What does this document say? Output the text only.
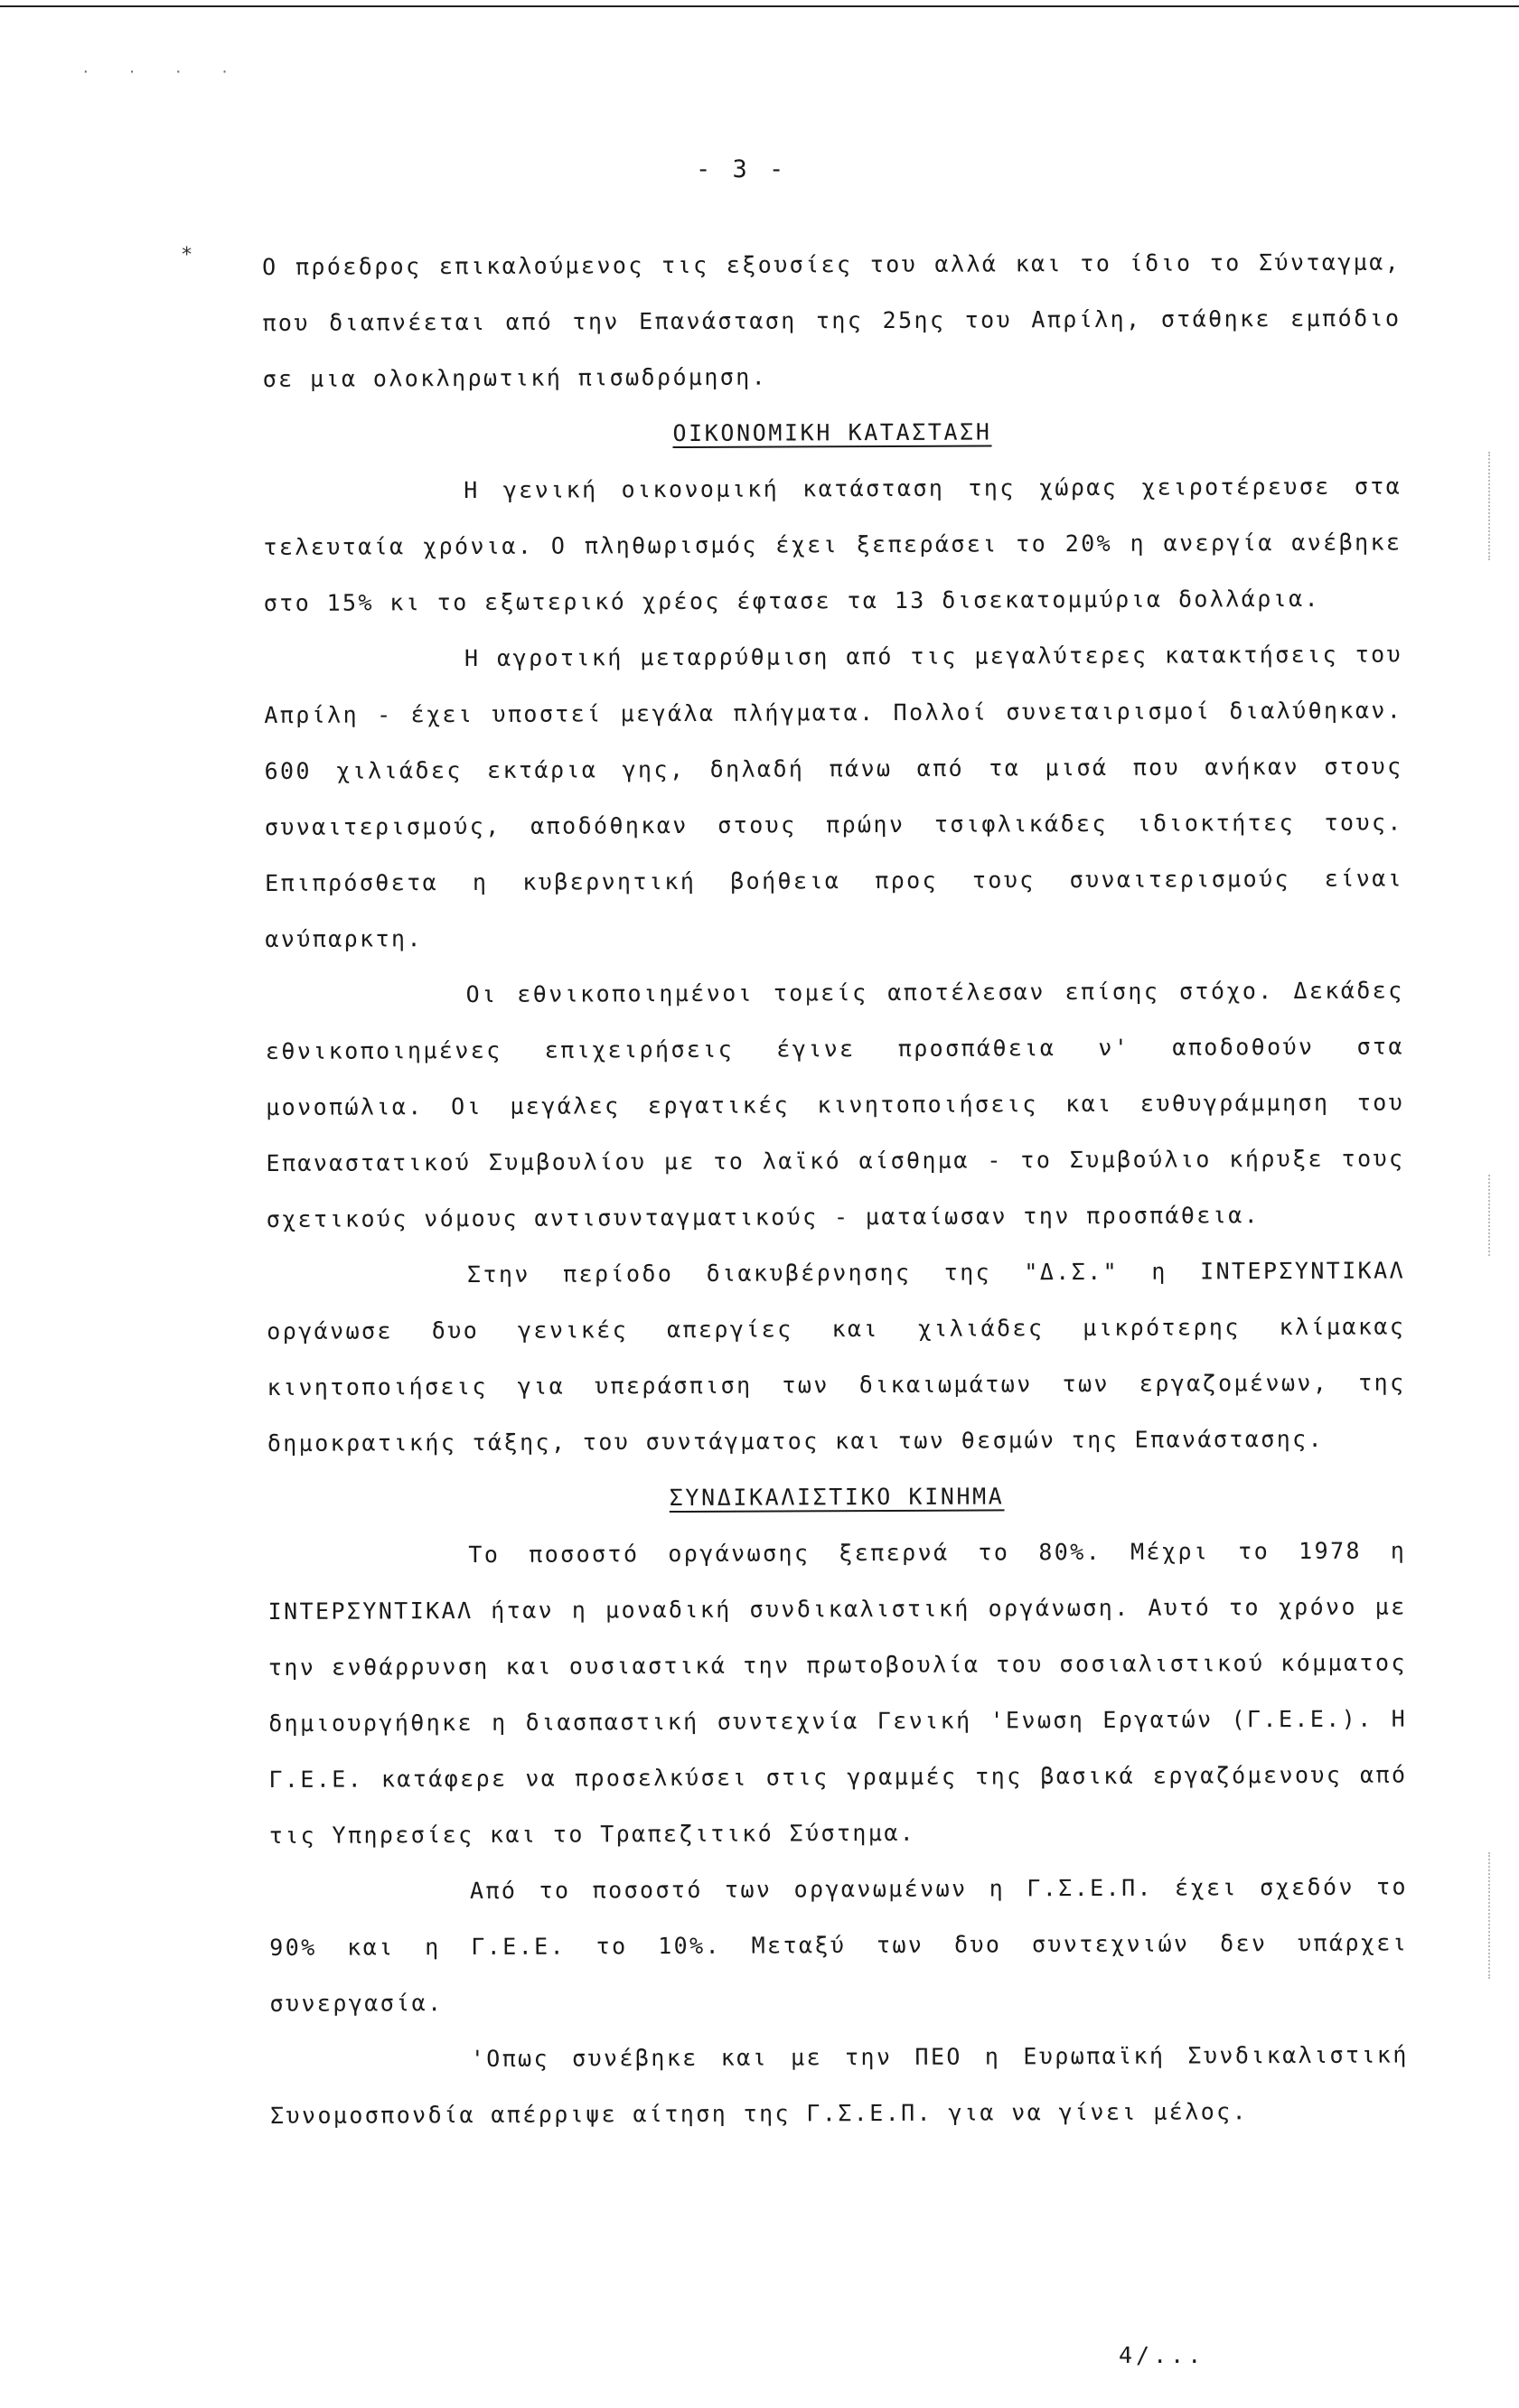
· · · ·
- 3 -
*	Ο πρόεδρος επικαλούμενος τις εξουσίες του αλλά και το ίδιο το Σύνταγμα, που διαπνέεται από την Επανάσταση της 25ης του Απρίλη, στάθηκε εμπόδιο σε μια ολοκληρωτική πισωδρόμηση.

ΟΙΚΟΝΟΜΙΚΗ ΚΑΤΑΣΤΑΣΗ

Η γενική οικονομική κατάσταση της χώρας χειροτέρευσε στα τελευταία χρόνια. Ο πληθωρισμός έχει ξεπεράσει το 20% η ανεργία ανέβηκε στο 15% κι το εξωτερικό χρέος έφτασε τα 13 δισεκατομμύρια δολλάρια.

Η αγροτική μεταρρύθμιση από τις μεγαλύτερες κατακτήσεις του Απρίλη - έχει υποστεί μεγάλα πλήγματα. Πολλοί συνεταιρισμοί διαλύθηκαν. 600 χιλιάδες εκτάρια γης, δηλαδή πάνω από τα μισά που ανήκαν στους συναιτερισμούς, αποδόθηκαν στους πρώην τσιφλικάδες ιδιοκτήτες τους. Επιπρόσθετα η κυβερνητική βοήθεια προς τους συναιτερισμούς είναι ανύπαρκτη.

Οι εθνικοποιημένοι τομείς αποτέλεσαν επίσης στόχο. Δεκάδες εθνικοποιημένες επιχειρήσεις έγινε προσπάθεια ν' αποδοθούν στα μονοπώλια. Οι μεγάλες εργατικές κινητοποιήσεις και ευθυγράμμηση του Επαναστατικού Συμβουλίου με το λαϊκό αίσθημα - το Συμβούλιο κήρυξε τους σχετικούς νόμους αντισυνταγματικούς - ματαίωσαν την προσπάθεια.

Στην περίοδο διακυβέρνησης της "Δ.Σ." η ΙΝΤΕΡΣΥΝΤΙΚΑΛ οργάνωσε δυο γενικές απεργίες και χιλιάδες μικρότερης κλίμακας κινητοποιήσεις για υπεράσπιση των δικαιωμάτων των εργαζομένων, της δημοκρατικής τάξης, του συντάγματος και των θεσμών της Επανάστασης.

ΣΥΝΔΙΚΑΛΙΣΤΙΚΟ ΚΙΝΗΜΑ

Το ποσοστό οργάνωσης ξεπερνά το 80%. Μέχρι το 1978 η ΙΝΤΕΡΣΥΝΤΙΚΑΛ ήταν η μοναδική συνδικαλιστική οργάνωση. Αυτό το χρόνο με την ενθάρρυνση και ουσιαστικά την πρωτοβουλία του σοσιαλιστικού κόμματος δημιουργήθηκε η διασπαστική συντεχνία Γενική 'Ενωση Εργατών (Γ.Ε.Ε.). Η Γ.Ε.Ε. κατάφερε να προσελκύσει στις γραμμές της βασικά εργαζόμενους από τις Υπηρεσίες και το Τραπεζιτικό Σύστημα.

Από το ποσοστό των οργανωμένων η Γ.Σ.Ε.Π. έχει σχεδόν το 90% και η Γ.Ε.Ε. το 10%. Μεταξύ των δυο συντεχνιών δεν υπάρχει συνεργασία.

'Οπως συνέβηκε και με την ΠΕΟ η Ευρωπαϊκή Συνδικαλιστική Συνομοσπονδία απέρριψε αίτηση της Γ.Σ.Ε.Π. για να γίνει μέλος.

4/...
